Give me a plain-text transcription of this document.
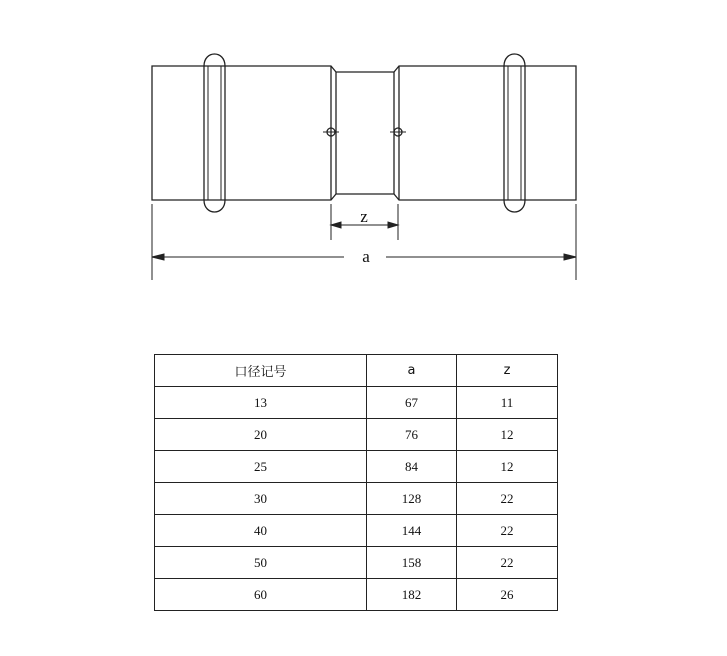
z
a
口径记号	a	z
13	67	11
20	76	12
25	84	12
30	128	22
40	144	22
50	158	22
60	182	26
